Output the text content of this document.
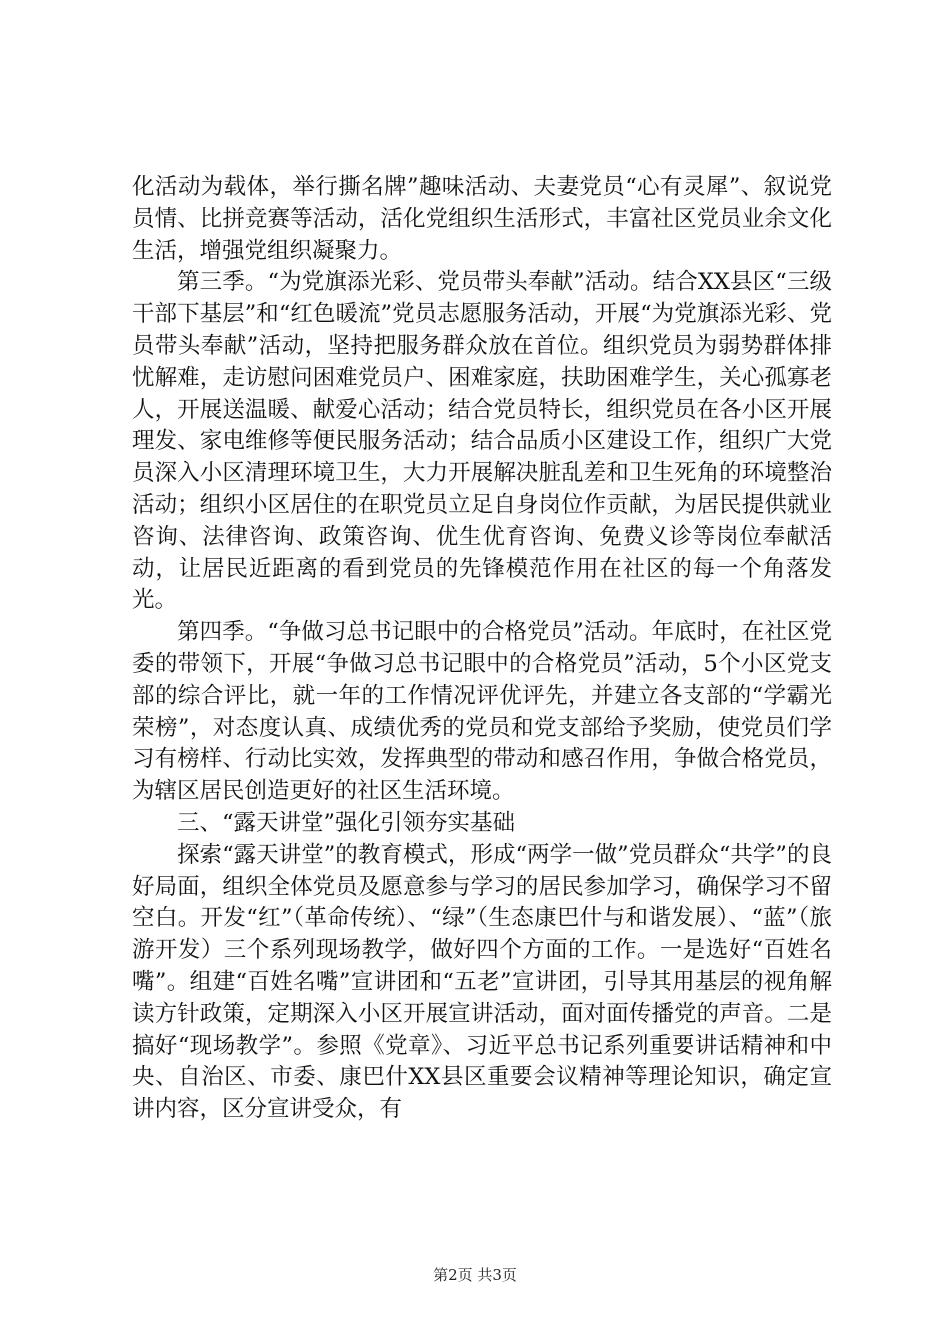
化活动为载体，举行撕名牌”趣味活动、夫妻党员“心有灵犀”、叙说党员情、比拼竞赛等活动，活化党组织生活形式，丰富社区党员业余文化生活，增强党组织凝聚力。

第三季。“为党旗添光彩、党员带头奉献”活动。结合XX县区“三级干部下基层”和“红色暖流”党员志愿服务活动，开展“为党旗添光彩、党员带头奉献”活动，坚持把服务群众放在首位。组织党员为弱势群体排忧解难，走访慰问困难党员户、困难家庭，扶助困难学生，关心孤寡老人，开展送温暖、献爱心活动；结合党员特长，组织党员在各小区开展理发、家电维修等便民服务活动；结合品质小区建设工作，组织广大党员深入小区清理环境卫生，大力开展解决脏乱差和卫生死角的环境整治活动；组织小区居住的在职党员立足自身岗位作贡献，为居民提供就业咨询、法律咨询、政策咨询、优生优育咨询、免费义诊等岗位奉献活动，让居民近距离的看到党员的先锋模范作用在社区的每一个角落发光。

第四季。“争做习总书记眼中的合格党员”活动。年底时，在社区党委的带领下，开展“争做习总书记眼中的合格党员”活动，5个小区党支部的综合评比，就一年的工作情况评优评先，并建立各支部的“学霸光荣榜”，对态度认真、成绩优秀的党员和党支部给予奖励，使党员们学习有榜样、行动比实效，发挥典型的带动和感召作用，争做合格党员，为辖区居民创造更好的社区生活环境。

三、“露天讲堂”强化引领夯实基础

探索“露天讲堂”的教育模式，形成“两学一做”党员群众“共学”的良好局面，组织全体党员及愿意参与学习的居民参加学习，确保学习不留空白。开发“红”（革命传统）、“绿”（生态康巴什与和谐发展）、“蓝”（旅游开发）三个系列现场教学，做好四个方面的工作。一是选好“百姓名嘴”。组建“百姓名嘴”宣讲团和“五老”宣讲团，引导其用基层的视角解读方针政策，定期深入小区开展宣讲活动，面对面传播党的声音。二是搞好“现场教学”。参照《党章》、习近平总书记系列重要讲话精神和中央、自治区、市委、康巴什XX县区重要会议精神等理论知识，确定宣讲内容，区分宣讲受众，有

第2页 共3页
